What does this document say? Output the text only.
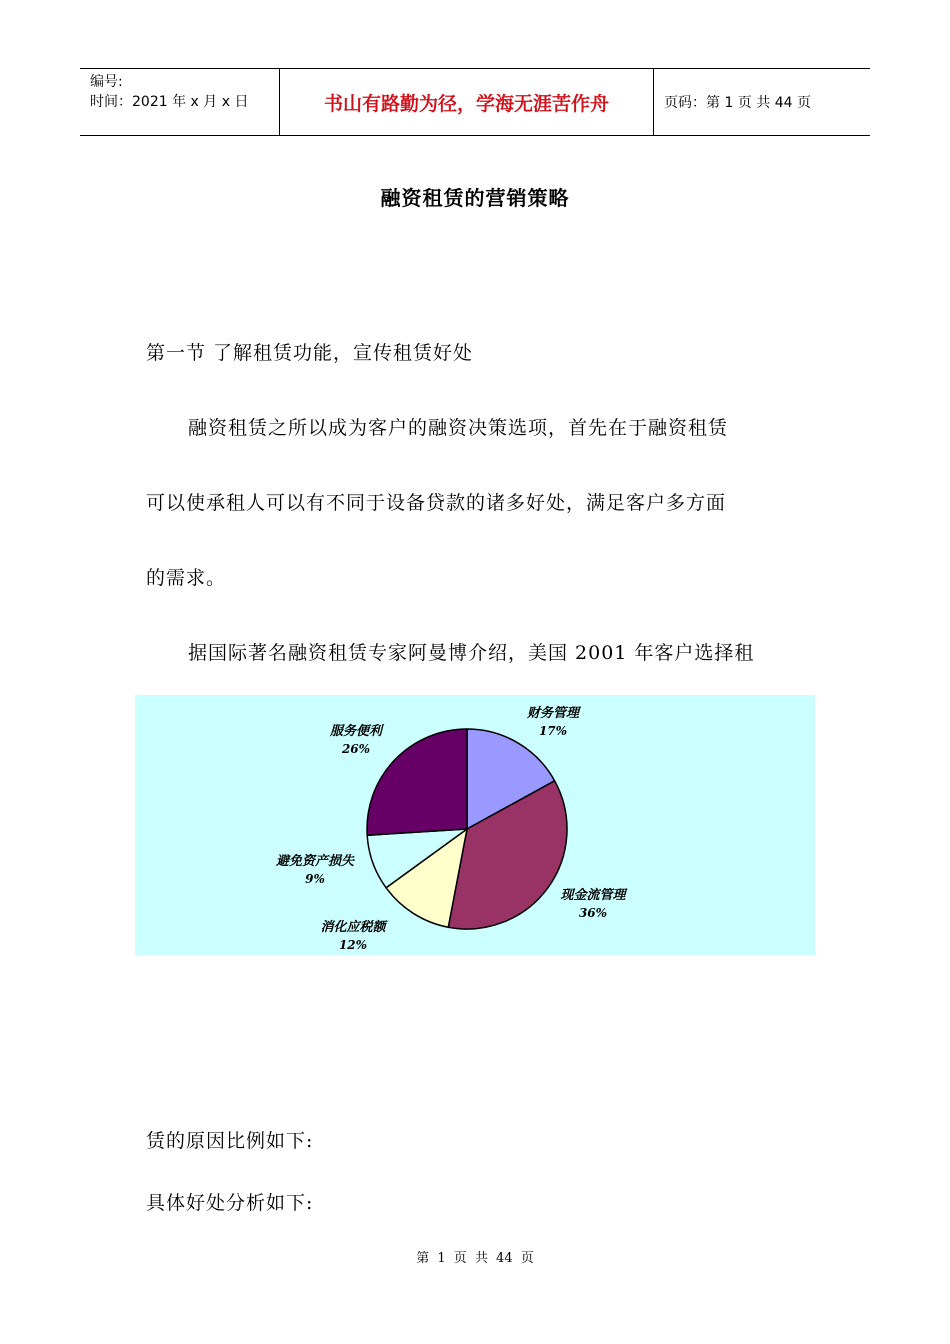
编号:
时间：2021 年 x 月 x 日	书山有路勤为径，学海无涯苦作舟	页码：第 1 页 共 44 页
融资租赁的营销策略
第一节 了解租赁功能，宣传租赁好处
融资租赁之所以成为客户的融资决策选项，首先在于融资租赁
可以使承租人可以有不同于设备贷款的诸多好处，满足客户多方面
的需求。
据国际著名融资租赁专家阿曼博介绍，美国 2001 年客户选择租
财务管理
17%
现金流管理
36%
消化应税额
12%
避免资产损失
9%
服务便利
26%
赁的原因比例如下:
具体好处分析如下:
第 1 页 共 44 页
